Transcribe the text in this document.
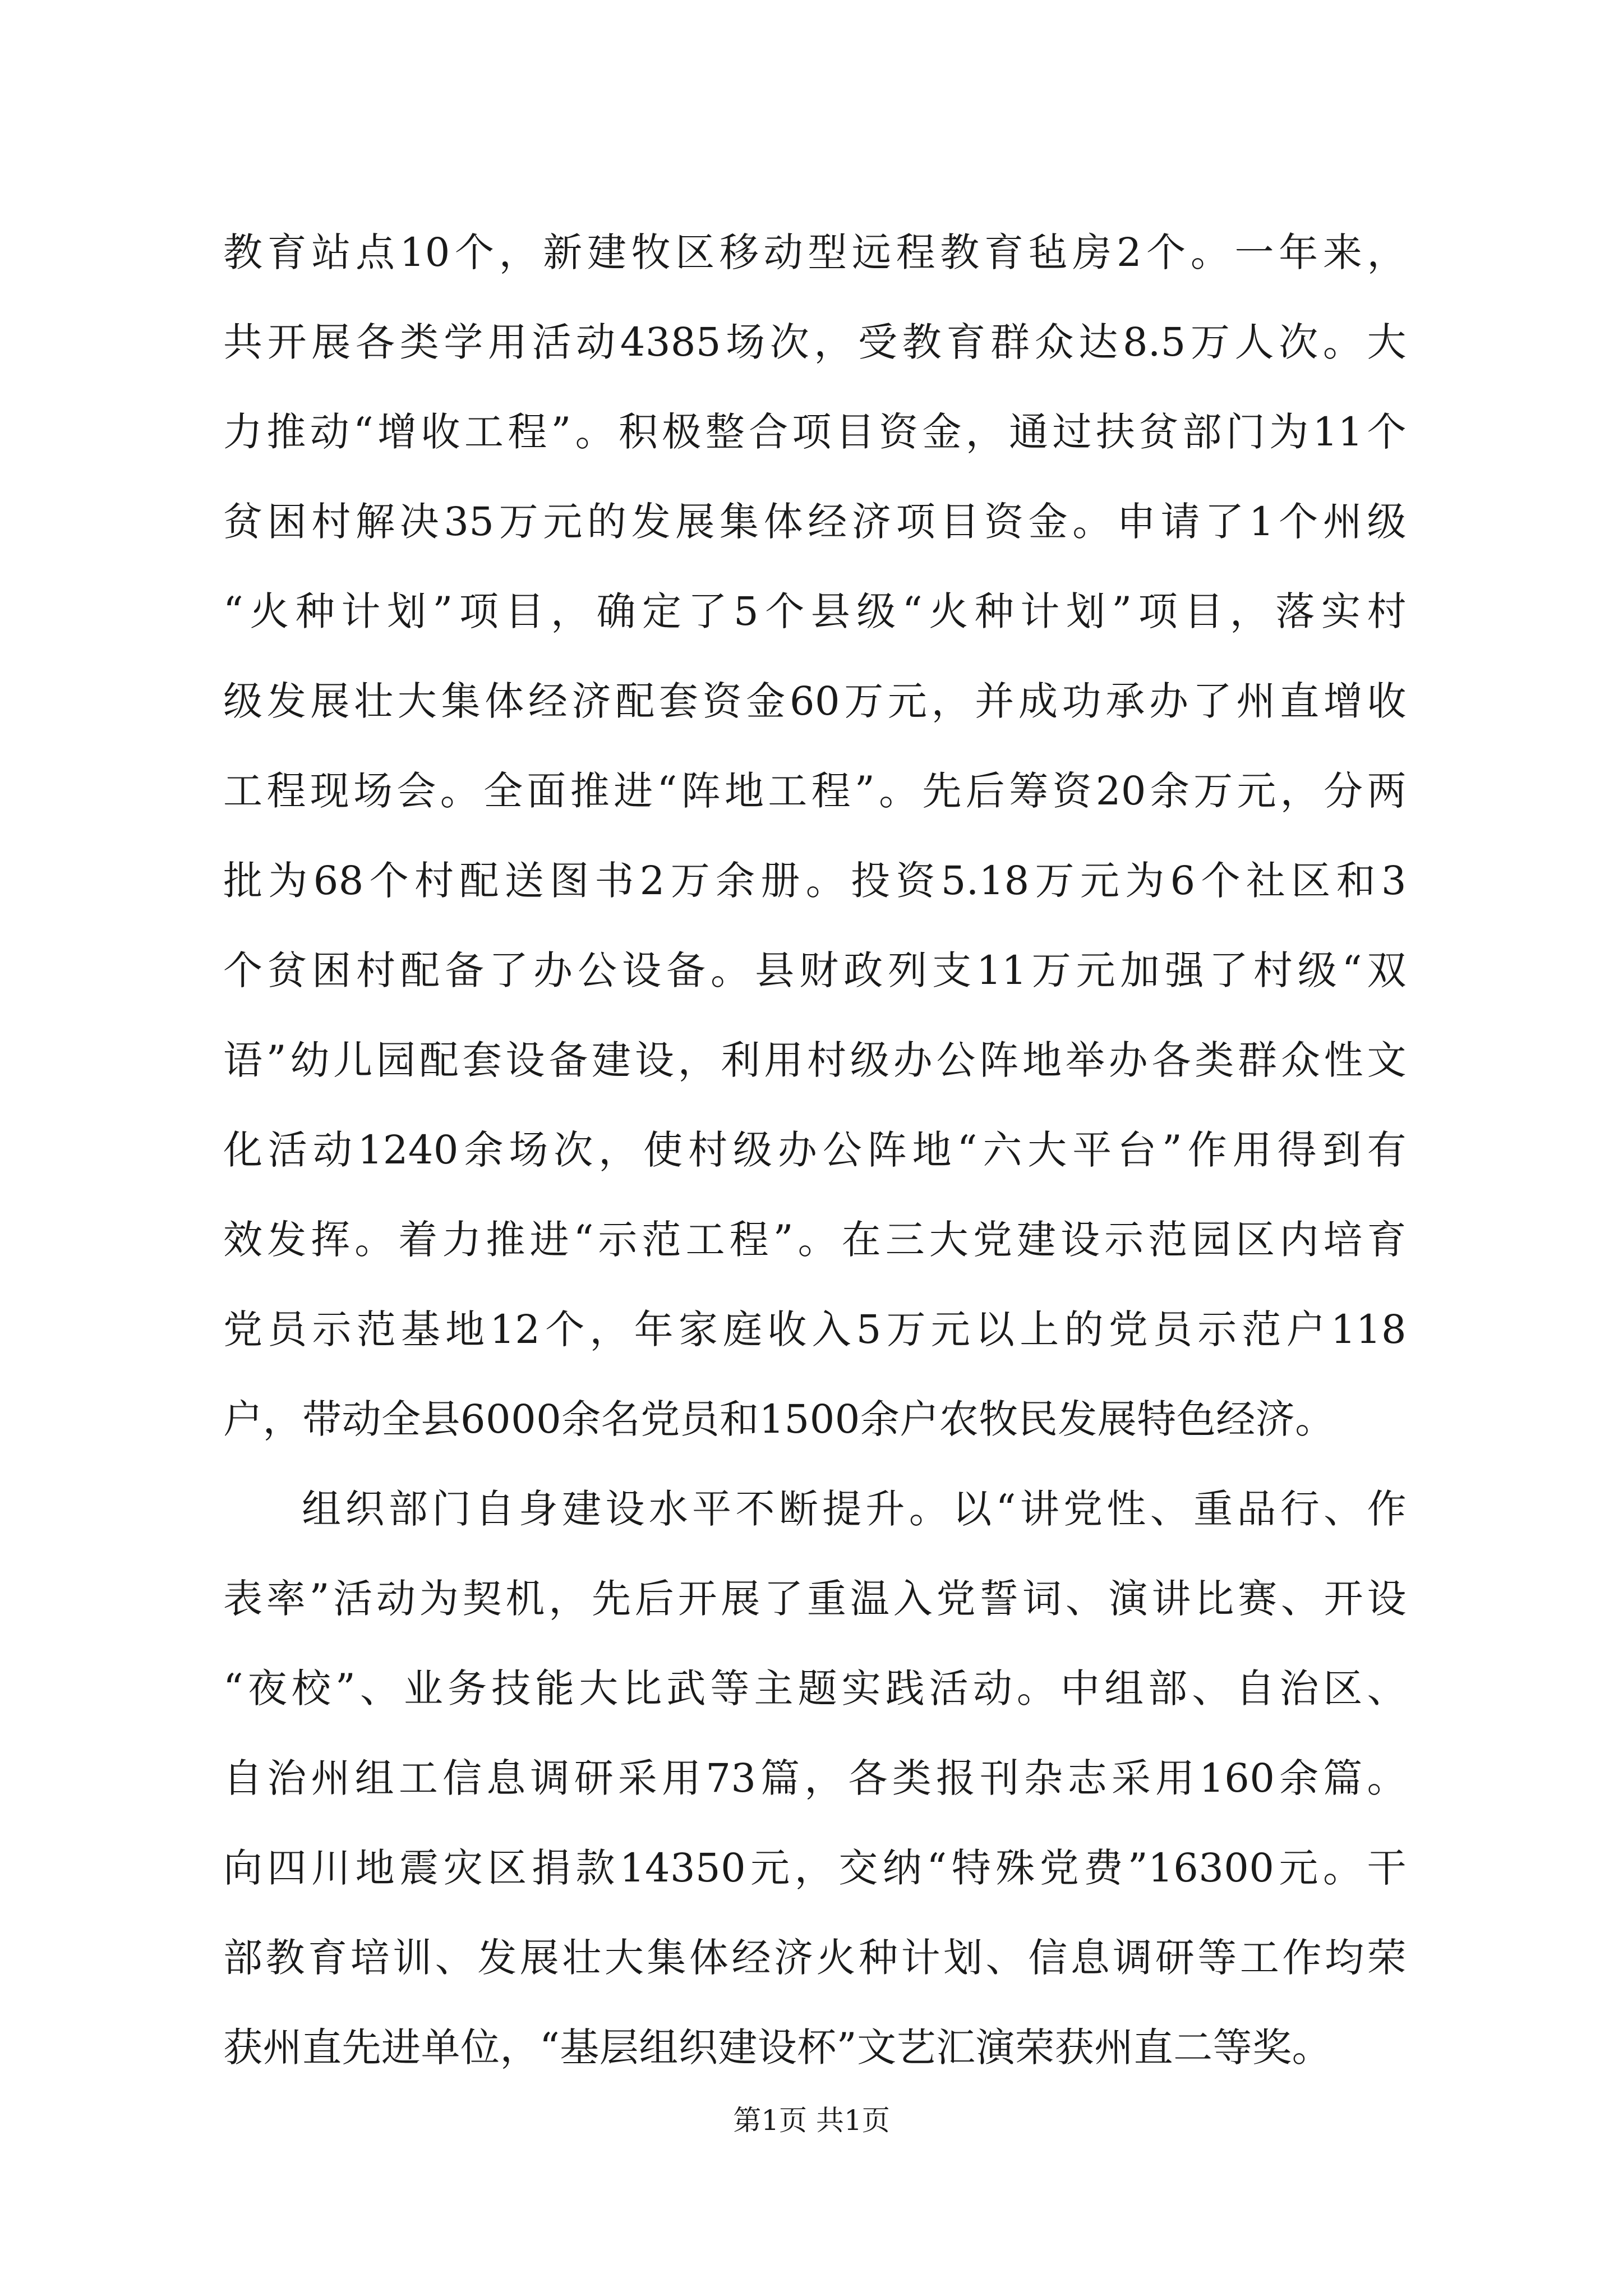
教育站点10个，新建牧区移动型远程教育毡房2个。一年来，
共开展各类学用活动4385场次，受教育群众达8.5万人次。大
力推动“增收工程”。积极整合项目资金，通过扶贫部门为11个
贫困村解决35万元的发展集体经济项目资金。申请了1个州级
“火种计划”项目，确定了5个县级“火种计划”项目，落实村
级发展壮大集体经济配套资金60万元，并成功承办了州直增收
工程现场会。全面推进“阵地工程”。先后筹资20余万元，分两
批为68个村配送图书2万余册。投资5.18万元为6个社区和3
个贫困村配备了办公设备。县财政列支11万元加强了村级“双
语”幼儿园配套设备建设，利用村级办公阵地举办各类群众性文
化活动1240余场次，使村级办公阵地“六大平台”作用得到有
效发挥。着力推进“示范工程”。在三大党建设示范园区内培育
党员示范基地12个，年家庭收入5万元以上的党员示范户118
户，带动全县6000余名党员和1500余户农牧民发展特色经济。
组织部门自身建设水平不断提升。以“讲党性、重品行、作
表率”活动为契机，先后开展了重温入党誓词、演讲比赛、开设
“夜校”、业务技能大比武等主题实践活动。中组部、自治区、
自治州组工信息调研采用73篇，各类报刊杂志采用160余篇。
向四川地震灾区捐款14350元，交纳“特殊党费”16300元。干
部教育培训、发展壮大集体经济火种计划、信息调研等工作均荣
获州直先进单位，“基层组织建设杯”文艺汇演荣获州直二等奖。
第1页 共1页
